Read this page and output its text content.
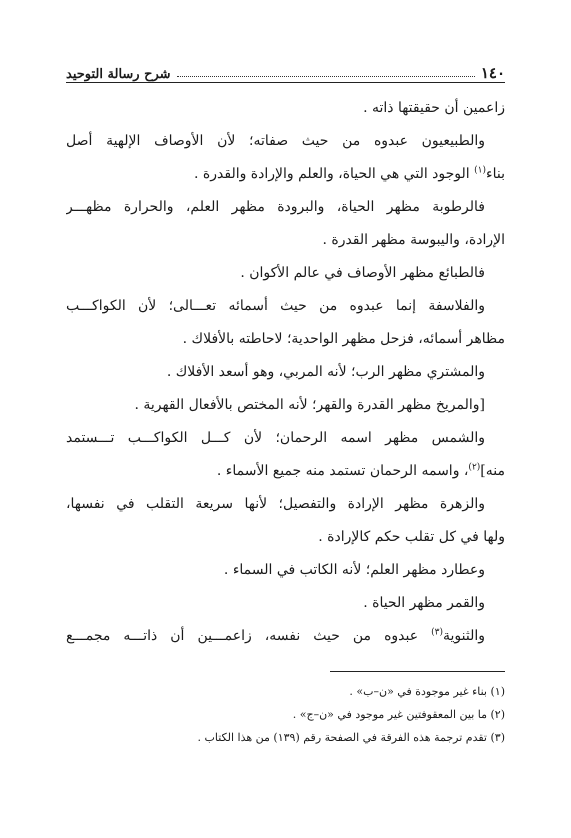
١٤٠
شرح رسالة التوحيد
زاعمين أن حقيقتها ذاته .
والطبيعيون عبدوه من حيث صفاته؛ لأن الأوصاف الإلهية أصل
بناء$^{(١)}$ الوجود التي هي الحياة، والعلم والإرادة والقدرة .
فالرطوبة مظهر الحياة، والبرودة مظهر العلم، والحرارة مظهـــر
الإرادة، واليبوسة مظهر القدرة .
فالطبائع مظهر الأوصاف في عالم الأكوان .
والفلاسفة إنما عبدوه من حيث أسمائه تعـــالى؛ لأن الكواكـــب
مظاهر أسمائه، فزحل مظهر الواحدية؛ لاحاطته بالأفلاك .
والمشتري مظهر الرب؛ لأنه المربي، وهو أسعد الأفلاك .
[والمريخ مظهر القدرة والقهر؛ لأنه المختص بالأفعال القهرية .
والشمس مظهر اسمه الرحمان؛ لأن كـــل الكواكـــب تـــستمد
منه]$^{(٢)}$، واسمه الرحمان تستمد منه جميع الأسماء .
والزهرة مظهر الإرادة والتفصيل؛ لأنها سريعة التقلب في نفسها،
ولها في كل تقلب حكم كالإرادة .
وعطارد مظهر العلم؛ لأنه الكاتب في السماء .
والقمر مظهر الحياة .
والثنوية$^{(٣)}$ عبدوه من حيث نفسه، زاعمـــين أن ذاتـــه مجمـــع
(١) بناء غير موجودة في «ن–ب» .
(٢) ما بين المعقوفتين غير موجود في «ن–ج» .
(٣) تقدم ترجمة هذه الفرقة في الصفحة رقم (١٣٩) من هذا الكتاب .
